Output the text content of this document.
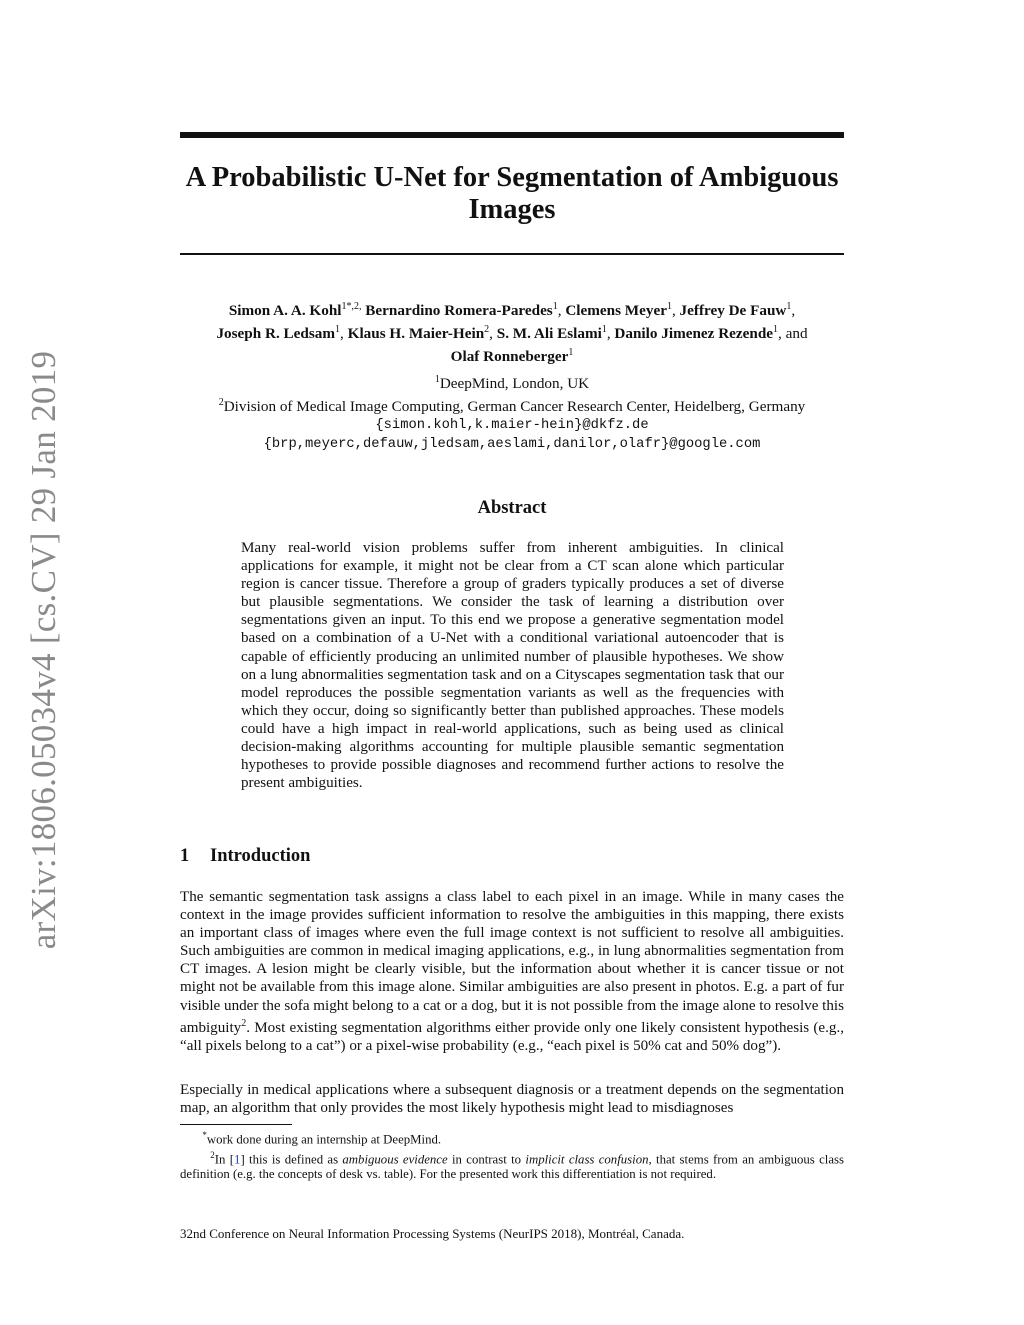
arXiv:1806.05034v4 [cs.CV] 29 Jan 2019
A Probabilistic U-Net for Segmentation of Ambiguous Images
Simon A. A. Kohl$^{1*,2,}$ Bernardino Romera-Paredes$^1$, Clemens Meyer$^1$, Jeffrey De Fauw$^1$,
Joseph R. Ledsam$^1$, Klaus H. Maier-Hein$^2$, S. M. Ali Eslami$^1$, Danilo Jimenez Rezende$^1$, and
Olaf Ronneberger$^1$
$^1$DeepMind, London, UK
$^2$Division of Medical Image Computing, German Cancer Research Center, Heidelberg, Germany
{simon.kohl,k.maier-hein}@dkfz.de
{brp,meyerc,defauw,jledsam,aeslami,danilor,olafr}@google.com
Abstract
Many real-world vision problems suffer from inherent ambiguities. In clinical applications for example, it might not be clear from a CT scan alone which particular region is cancer tissue. Therefore a group of graders typically produces a set of diverse but plausible segmentations. We consider the task of learning a distribution over segmentations given an input. To this end we propose a generative segmentation model based on a combination of a U-Net with a conditional variational autoencoder that is capable of efficiently producing an unlimited number of plausible hypotheses. We show on a lung abnormalities segmentation task and on a Cityscapes segmentation task that our model reproduces the possible segmentation variants as well as the frequencies with which they occur, doing so significantly better than published approaches. These models could have a high impact in real-world applications, such as being used as clinical decision-making algorithms accounting for multiple plausible semantic segmentation hypotheses to provide possible diagnoses and recommend further actions to resolve the present ambiguities.
1 Introduction
The semantic segmentation task assigns a class label to each pixel in an image. While in many cases the context in the image provides sufficient information to resolve the ambiguities in this mapping, there exists an important class of images where even the full image context is not sufficient to resolve all ambiguities. Such ambiguities are common in medical imaging applications, e.g., in lung abnormalities segmentation from CT images. A lesion might be clearly visible, but the information about whether it is cancer tissue or not might not be available from this image alone. Similar ambiguities are also present in photos. E.g. a part of fur visible under the sofa might belong to a cat or a dog, but it is not possible from the image alone to resolve this ambiguity$^2$. Most existing segmentation algorithms either provide only one likely consistent hypothesis (e.g., “all pixels belong to a cat”) or a pixel-wise probability (e.g., “each pixel is 50% cat and 50% dog”).
Especially in medical applications where a subsequent diagnosis or a treatment depends on the segmentation map, an algorithm that only provides the most likely hypothesis might lead to misdiagnoses

*work done during an internship at DeepMind.

$^2$In [1] this is defined as ambiguous evidence in contrast to implicit class confusion, that stems from an ambiguous class definition (e.g. the concepts of desk vs. table). For the presented work this differentiation is not required.

32nd Conference on Neural Information Processing Systems (NeurIPS 2018), Montréal, Canada.
